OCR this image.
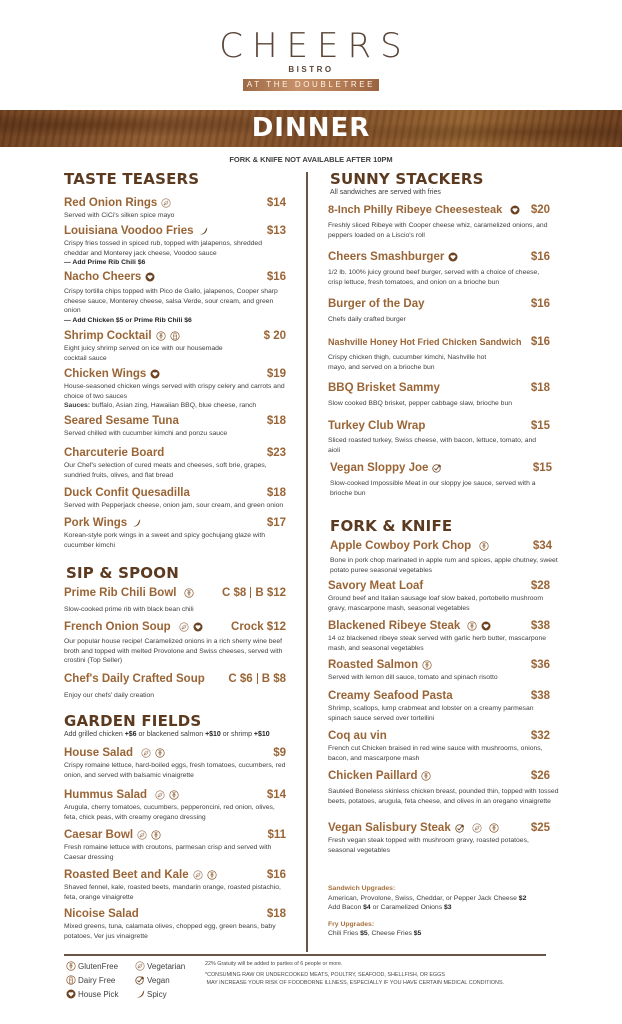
CHEERS
BISTRO
AT THE DOUBLETREE
DINNER
FORK & KNIFE NOT AVAILABLE AFTER 10PM
TASTE TEASERS
Red Onion Rings	$14
Served with CiCi's silken spice mayo
Louisiana Voodoo Fries	$13
Crispy fries tossed in spiced rub, topped with jalapenos, shredded cheddar and Monterey jack cheese, Voodoo sauce
— Add Prime Rib Chili $6
Nacho Cheers	$16
Crispy tortilla chips topped with Pico de Gallo, jalapenos, Cooper sharp cheese sauce, Monterey cheese, salsa Verde, sour cream, and green onion
— Add Chicken $5 or Prime Rib Chili $6
Shrimp Cocktail	$ 20
Eight juicy shrimp served on ice with our housemade cocktail sauce
Chicken Wings	$19
House-seasoned chicken wings served with crispy celery and carrots and choice of two sauces
Sauces: buffalo, Asian zing, Hawaiian BBQ, blue cheese, ranch
Seared Sesame Tuna	$18
Served chilled with cucumber kimchi and ponzu sauce
Charcuterie Board	$23
Our Chef's selection of cured meats and cheeses, soft brie, grapes, sundried fruits, olives, and flat bread
Duck Confit Quesadilla	$18
Served with Pepperjack cheese, onion jam, sour cream, and green onion
Pork Wings	$17
Korean-style pork wings in a sweet and spicy gochujang glaze with cucumber kimchi
SIP & SPOON
Prime Rib Chili Bowl	C $8 B $12
Slow-cooked prime rib with black bean chili
French Onion Soup	Crock $12
Our popular house recipe! Caramelized onions in a rich sherry wine beef broth and topped with melted Provolone and Swiss cheeses, served with crostini (Top Seller)
Chef's Daily Crafted Soup C $6 B $8
Enjoy our chefs' daily creation
GARDEN FIELDS
Add grilled chicken +$6 or blackened salmon +$10 or shrimp +$10
House Salad	$9
Crispy romaine lettuce, hard-boiled eggs, fresh tomatoes, cucumbers, red onion, and served with balsamic vinaigrette
Hummus Salad	$14
Arugula, cherry tomatoes, cucumbers, pepperoncini, red onion, olives, feta, chick peas, with creamy oregano dressing
Caesar Bowl	$11
Fresh romaine lettuce with croutons, parmesan crisp and served with Caesar dressing
Roasted Beet and Kale	$16
Shaved fennel, kale, roasted beets, mandarin orange, roasted pistachio, feta, orange vinaigrette
Nicoise Salad	$18
Mixed greens, tuna, calamata olives, chopped egg, green beans, baby potatoes, Ver jus vinaigrette
SUNNY STACKERS
All sandwiches are served with fries
8-Inch Philly Ribeye Cheesesteak $20
Freshly sliced Ribeye with Cooper cheese whiz, caramelized onions, and peppers loaded on a Liscio's roll
Cheers Smashburger	$16
1/2 lb. 100% juicy ground beef burger, served with a choice of cheese, crisp lettuce, fresh tomatoes, and onion on a brioche bun
Burger of the Day	$16
Chefs daily crafted burger
Nashville Honey Hot Fried Chicken Sandwich $16
Crispy chicken thigh, cucumber kimchi, Nashville hot mayo, and served on a brioche bun
BBQ Brisket Sammy	$18
Slow cooked BBQ brisket, pepper cabbage slaw, brioche bun
Turkey Club Wrap	$15
Sliced roasted turkey, Swiss cheese, with bacon, lettuce, tomato, and aioli
Vegan Sloppy Joe	$15
Slow-cooked Impossible Meat in our sloppy joe sauce, served with a brioche bun
FORK & KNIFE
Apple Cowboy Pork Chop	$34
Bone in pork chop marinated in apple rum and spices, apple chutney, sweet potato puree seasonal vegetables
Savory Meat Loaf	$28
Ground beef and Italian sausage loaf slow baked, portobello mushroom gravy, mascarpone mash, seasonal vegetables
Blackened Ribeye Steak	$38
14 oz blackened ribeye steak served with garlic herb butter, mascarpone mash, and seasonal vegetables
Roasted Salmon	$36
Served with lemon dill sauce, tomato and spinach risotto
Creamy Seafood Pasta	$38
Shrimp, scallops, lump crabmeat and lobster on a creamy parmesan spinach sauce served over tortellini
Coq au vin	$32
French cut Chicken braised in red wine sauce with mushrooms, onions, bacon, and mascarpone mash
Chicken Paillard	$26
Sautéed Boneless skinless chicken breast, pounded thin, topped with tossed beets, potatoes, arugula, feta cheese, and olives in an oregano vinaigrette
Vegan Salisbury Steak	$25
Fresh vegan steak topped with mushroom gravy, roasted potatoes, seasonal vegetables
Sandwich Upgrades:
American, Provolone, Swiss, Cheddar, or Pepper Jack Cheese $2
Add Bacon $4 or Caramelized Onions $3
Fry Upgrades:
Chili Fries $5, Cheese Fries $5
GlutenFree	Vegetarian
Dairy Free	Vegan
House Pick	Spicy
22% Gratuity will be added to parties of 6 people or more.
*CONSUMING RAW OR UNDERCOOKED MEATS, POULTRY, SEAFOOD, SHELLFISH, OR EGGS
MAY INCREASE YOUR RISK OF FOODBORNE ILLNESS, ESPECIALLY IF YOU HAVE CERTAIN MEDICAL CONDITIONS.
